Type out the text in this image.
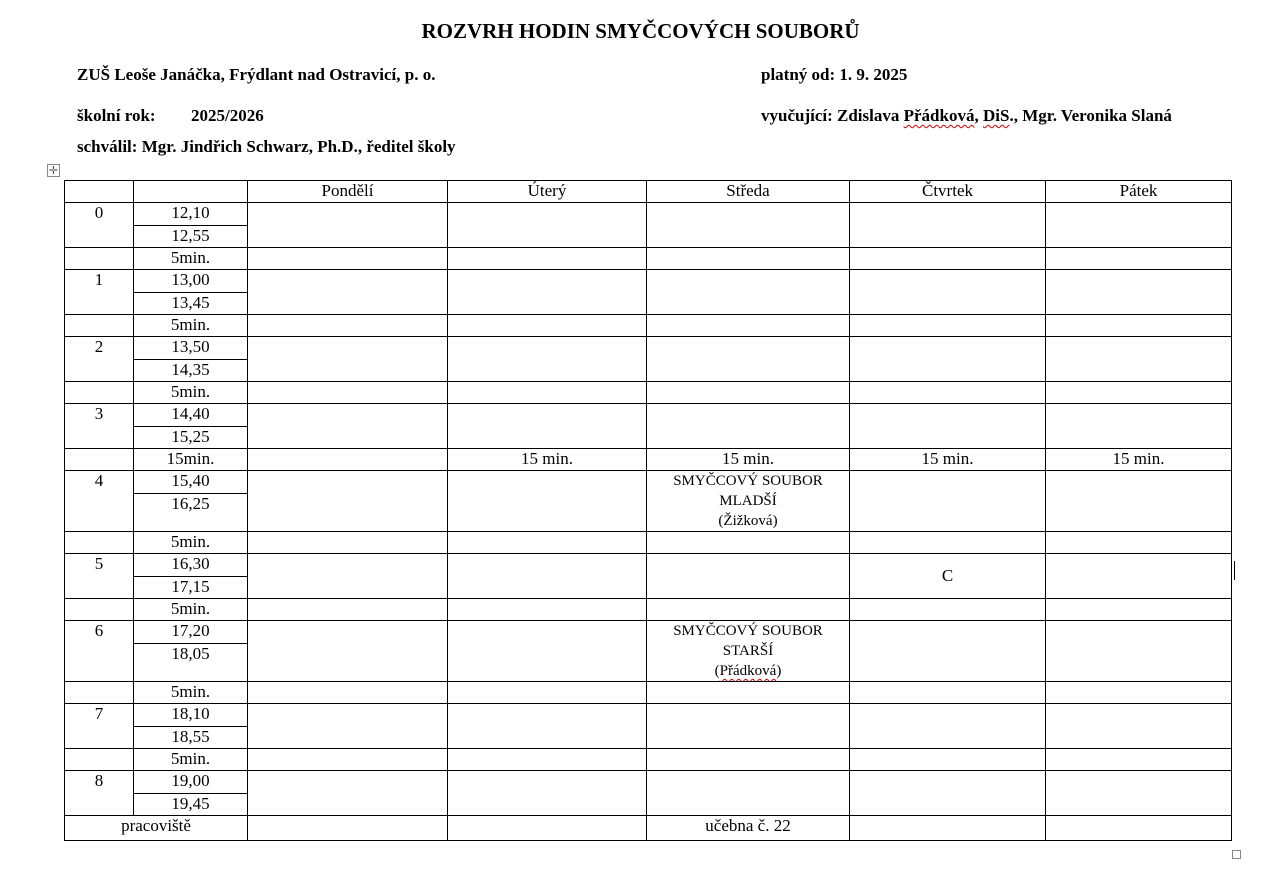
ROZVRH HODIN SMYČCOVÝCH SOUBORŮ
ZUŠ Leoše Janáčka, Frýdlant nad Ostravicí, p. o.	platný od: 1. 9. 2025
školní rok: 2025/2026	vyučující: Zdislava Přádková, DiS., Mgr. Veronika Slaná
schválil: Mgr. Jindřich Schwarz, Ph.D., ředitel školy
✛
		Pondělí	Úterý	Středa	Čtvrtek	Pátek
0	12,10					
	12,55					
	5min.					
1	13,00					
	13,45					
	5min.					
2	13,50					
	14,35					
	5min.					
3	14,40					
	15,25					
	15min.		15 min.	15 min.	15 min.	15 min.
4	15,40			SMYČCOVÝ SOUBOR
MLADŠÍ
(Žižková)		

	16,25					
	5min.					
5	16,30				C	
	17,15					
	5min.					
6	17,20			SMYČCOVÝ SOUBOR
STARŠÍ
(Přádková)		

	18,05					
	5min.					
7	18,10					
	18,55					
	5min.					
8	19,00					
	19,45					
pracoviště				učebna č. 22		
